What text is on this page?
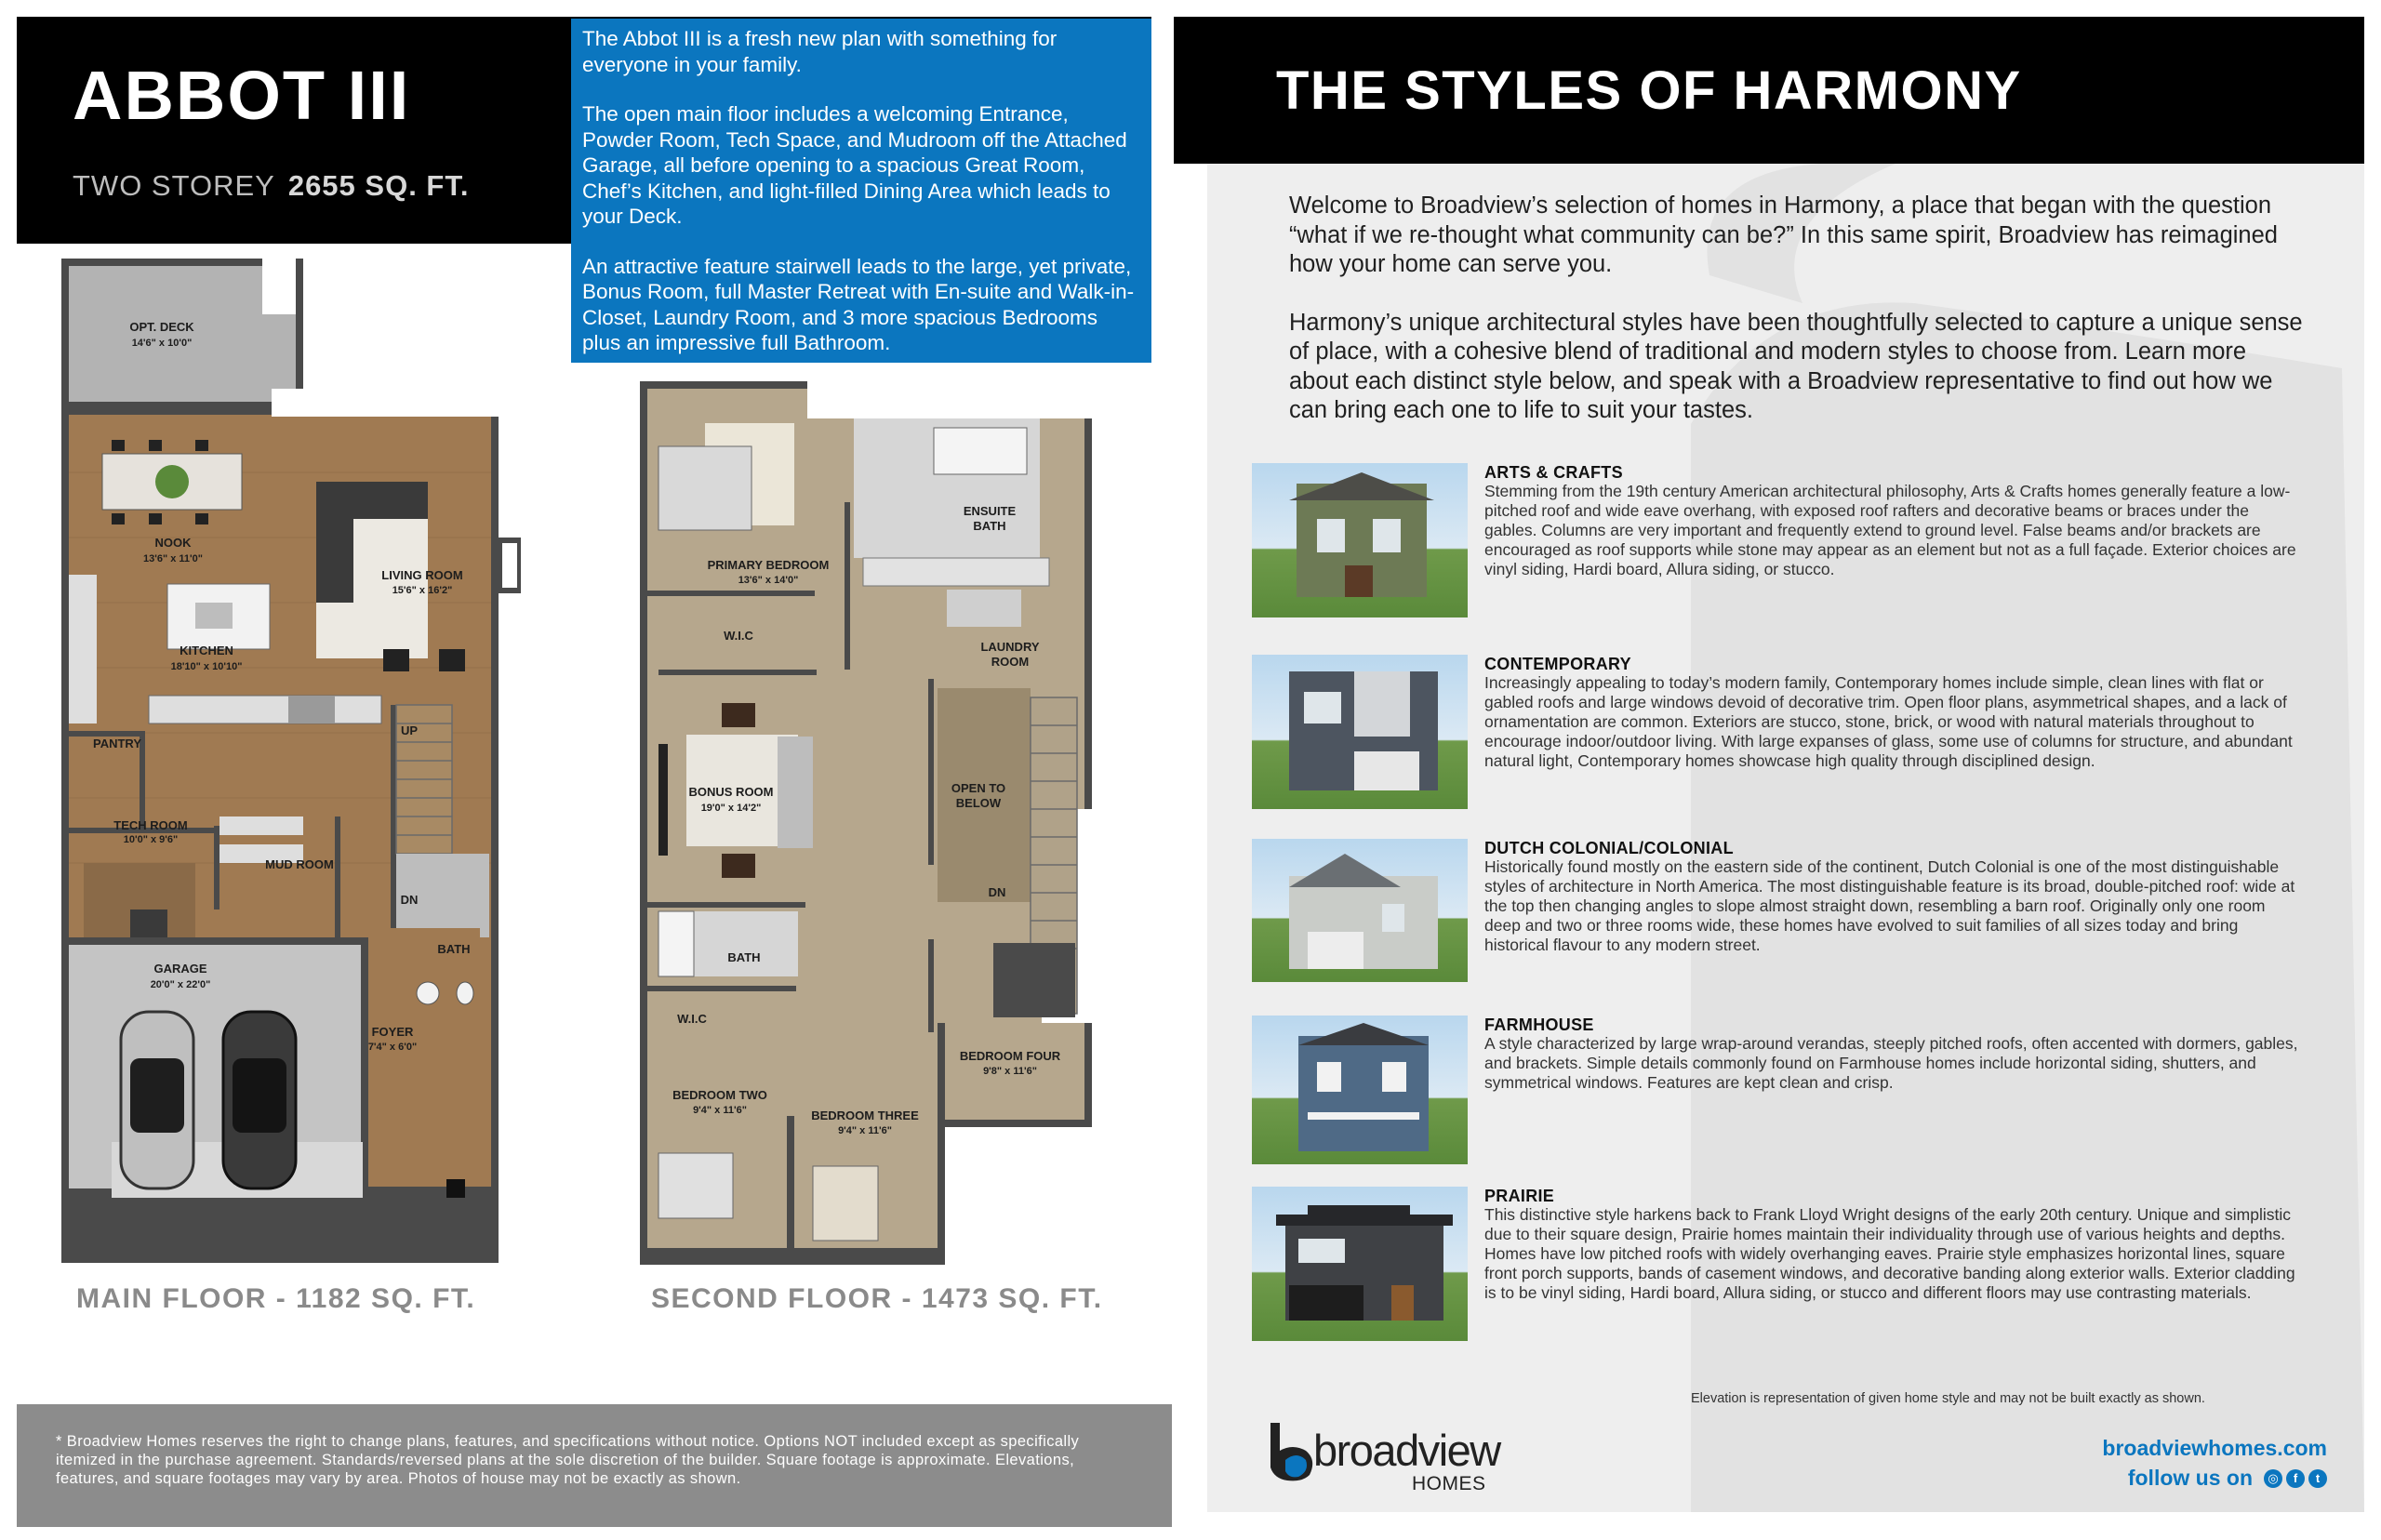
ABBOT III
TWO STOREY 2655 SQ. FT.

The Abbot III is a fresh new plan with something for everyone in your family.

The open main floor includes a welcoming Entrance, Powder Room, Tech Space, and Mudroom off the Attached Garage, all before opening to a spacious Great Room, Chef’s Kitchen, and light-filled Dining Area which leads to your Deck.

An attractive feature stairwell leads to the large, yet private, Bonus Room, full Master Retreat with En-suite and Walk-in-Closet, Laundry Room, and 3 more spacious Bedrooms plus an impressive full Bathroom.

OPT. DECK
14'6" x 10'0"
NOOK
13'6" x 11'0"
LIVING ROOM
15'6" x 16'2"
KITCHEN
18'10" x 10'10"
PANTRY
UP
TECH ROOM
10'0" x 9'6"
MUD ROOM
DN
BATH
GARAGE
20'0" x 22'0"
FOYER
7'4" x 6'0"
MAIN FLOOR - 1182 SQ. FT.
PRIMARY BEDROOM
13'6" x 14'0"
ENSUITE
BATH
W.I.C
LAUNDRY
ROOM
BONUS ROOM
19'0" x 14'2"
OPEN TO
BELOW
DN
BATH
W.I.C
BEDROOM FOUR
9'8" x 11'6"
BEDROOM TWO
9'4" x 11'6"	BEDROOM THREE
9'4" x 11'6"
SECOND FLOOR - 1473 SQ. FT.
* Broadview Homes reserves the right to change plans, features, and specifications without notice. Options NOT included except as specifically itemized in the purchase agreement. Standards/reversed plans at the sole discretion of the builder. Square footage is approximate. Elevations, features, and square footages may vary by area. Photos of house may not be exactly as shown.

Welcome to Broadview’s selection of homes in Harmony, a place that began with the question “what if we re-thought what community can be?” In this same spirit, Broadview has reimagined how your home can serve you.

Harmony’s unique architectural styles have been thoughtfully selected to capture a unique sense of place, with a cohesive blend of traditional and modern styles to choose from. Learn more about each distinct style below, and speak with a Broadview representative to find out how we can bring each one to life to suit your tastes.

ARTS & CRAFTS
Stemming from the 19th century American architectural philosophy, Arts & Crafts homes generally feature a low-pitched roof and wide eave overhang, with exposed roof rafters and decorative beams or braces under the gables. Columns are very important and frequently extend to ground level. False beams and/or brackets are encouraged as roof supports while stone may appear as an element but not as a full façade. Exterior choices are vinyl siding, Hardi board, Allura siding, or stucco.
CONTEMPORARY
Increasingly appealing to today’s modern family, Contemporary homes include simple, clean lines with flat or gabled roofs and large windows devoid of decorative trim. Open floor plans, asymmetrical shapes, and a lack of ornamentation are common. Exteriors are stucco, stone, brick, or wood with natural materials throughout to encourage indoor/outdoor living. With large expanses of glass, some use of columns for structure, and abundant natural light, Contemporary homes showcase high quality through disciplined design.
DUTCH COLONIAL/COLONIAL
Historically found mostly on the eastern side of the continent, Dutch Colonial is one of the most distinguishable styles of architecture in North America. The most distinguishable feature is its broad, double-pitched roof: wide at the top then changing angles to slope almost straight down, resembling a barn roof. Originally only one room deep and two or three rooms wide, these homes have evolved to suit families of all sizes today and bring historical flavour to any modern street.
FARMHOUSE
A style characterized by large wrap-around verandas, steeply pitched roofs, often accented with dormers, gables, and brackets. Simple details commonly found on Farmhouse homes include horizontal siding, shutters, and symmetrical windows. Features are kept clean and crisp.
PRAIRIE
This distinctive style harkens back to Frank Lloyd Wright designs of the early 20th century. Unique and simplistic due to their square design, Prairie homes maintain their individuality through use of various heights and depths. Homes have low pitched roofs with widely overhanging eaves. Prairie style emphasizes horizontal lines, square front porch supports, bands of casement windows, and decorative banding along exterior walls. Exterior cladding is to be vinyl siding, Hardi board, Allura siding, or stucco and different floors may use contrasting materials.
Elevation is representation of given home style and may not be built exactly as shown.
broadview
HOMES
broadviewhomes.com
follow us on	◎	f	t
THE STYLES OF HARMONY
